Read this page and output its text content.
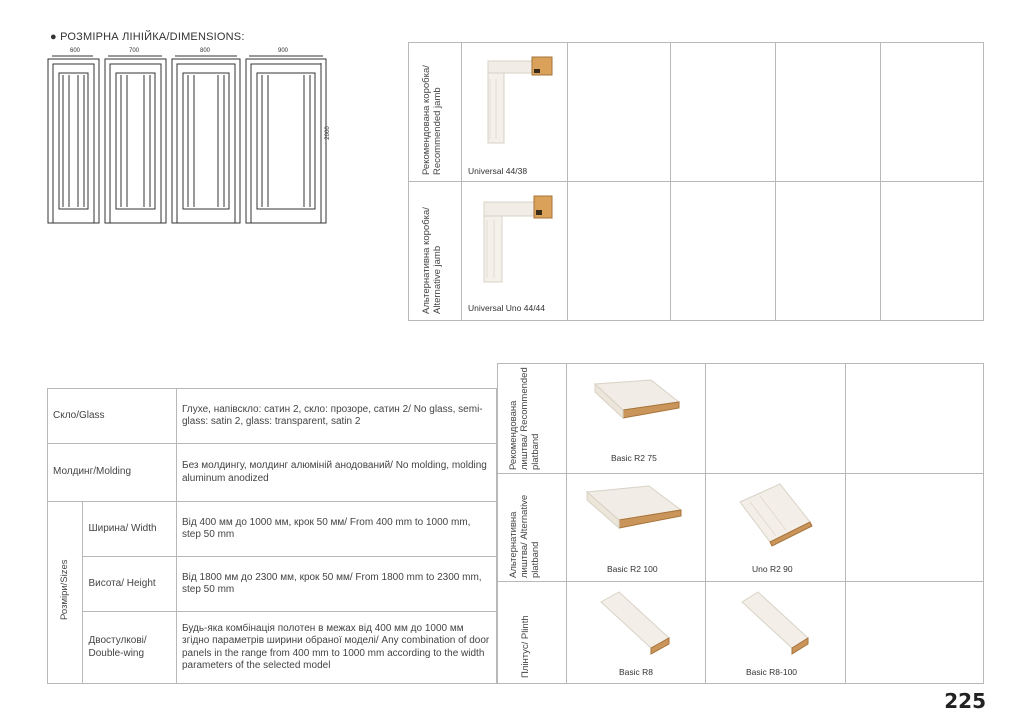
● РОЗМІРНА ЛІНІЙКА/DIMENSIONS:
600	700	800	900
2000	Рекомендована коробка/ Recommended jamb	Universal 44/38				

Альтернативна коробка/ Alternative jamb	Universal Uno 44/44				

Скло/Glass		Глухе, напівскло: сатин 2, скло: прозоре, сатин 2/ No glass, semi-glass: satin 2, glass: transparent, satin 2
Молдинг/Molding		Без молдингу, молдинг алюміній анодований/ No molding, molding aluminum anodized

Розміри/Sizes	Ширина/ Width	Від 400 мм до 1000 мм, крок 50 мм/ From 400 mm to 1000 mm, step 50 mm
	Висота/ Height	Від 1800 мм до 2300 мм, крок 50 мм/ From 1800 mm to 2300 mm, step 50 mm
	Двостулкові/ Double-wing	Будь-яка комбінація полотен в межах від 400 мм до 1000 мм згідно параметрів ширини обраної моделі/ Any combination of door panels in the range from 400 mm to 1000 mm according to the width parameters of the selected model
Рекомендована лиштва/ Recommended platband	Basic R2 75		

Альтернативна лиштва/ Alternative platband	Basic R2 100	Uno R2 90	

Плінтус/ Plinth	Basic R8	Basic R8-100	

225
